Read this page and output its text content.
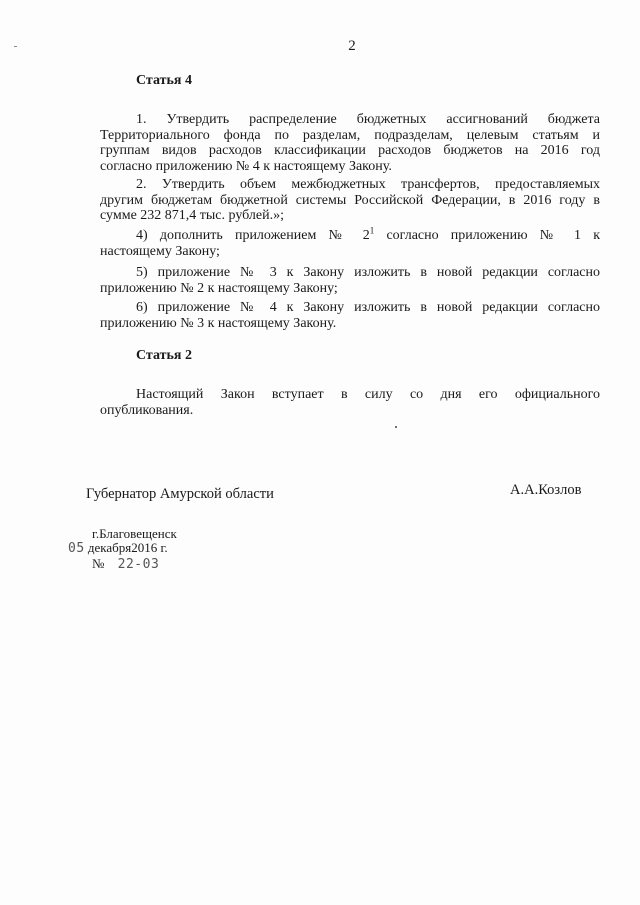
2
Статья 4
1. Утвердить распределение бюджетных ассигнований бюджета
Территориального фонда по разделам, подразделам, целевым статьям и
группам видов расходов классификации расходов бюджетов на 2016 год
согласно приложению № 4 к настоящему Закону.
2. Утвердить объем межбюджетных трансфертов, предоставляемых
другим бюджетам бюджетной системы Российской Федерации, в 2016 году в
сумме 232 871,4 тыс. рублей.»;
4) дополнить приложением № $2^1$ согласно приложению № 1 к
настоящему Закону;
5) приложение № 3 к Закону изложить в новой редакции согласно
приложению № 2 к настоящему Закону;
6) приложение № 4 к Закону изложить в новой редакции согласно
приложению № 3 к настоящему Закону.
Статья 2
Настоящий Закон вступает в силу со дня его официального
опубликования.
Губернатор Амурской области	А.А.Козлов
г.Благовещенск
05 декабря2016 г.
№ 22-03
